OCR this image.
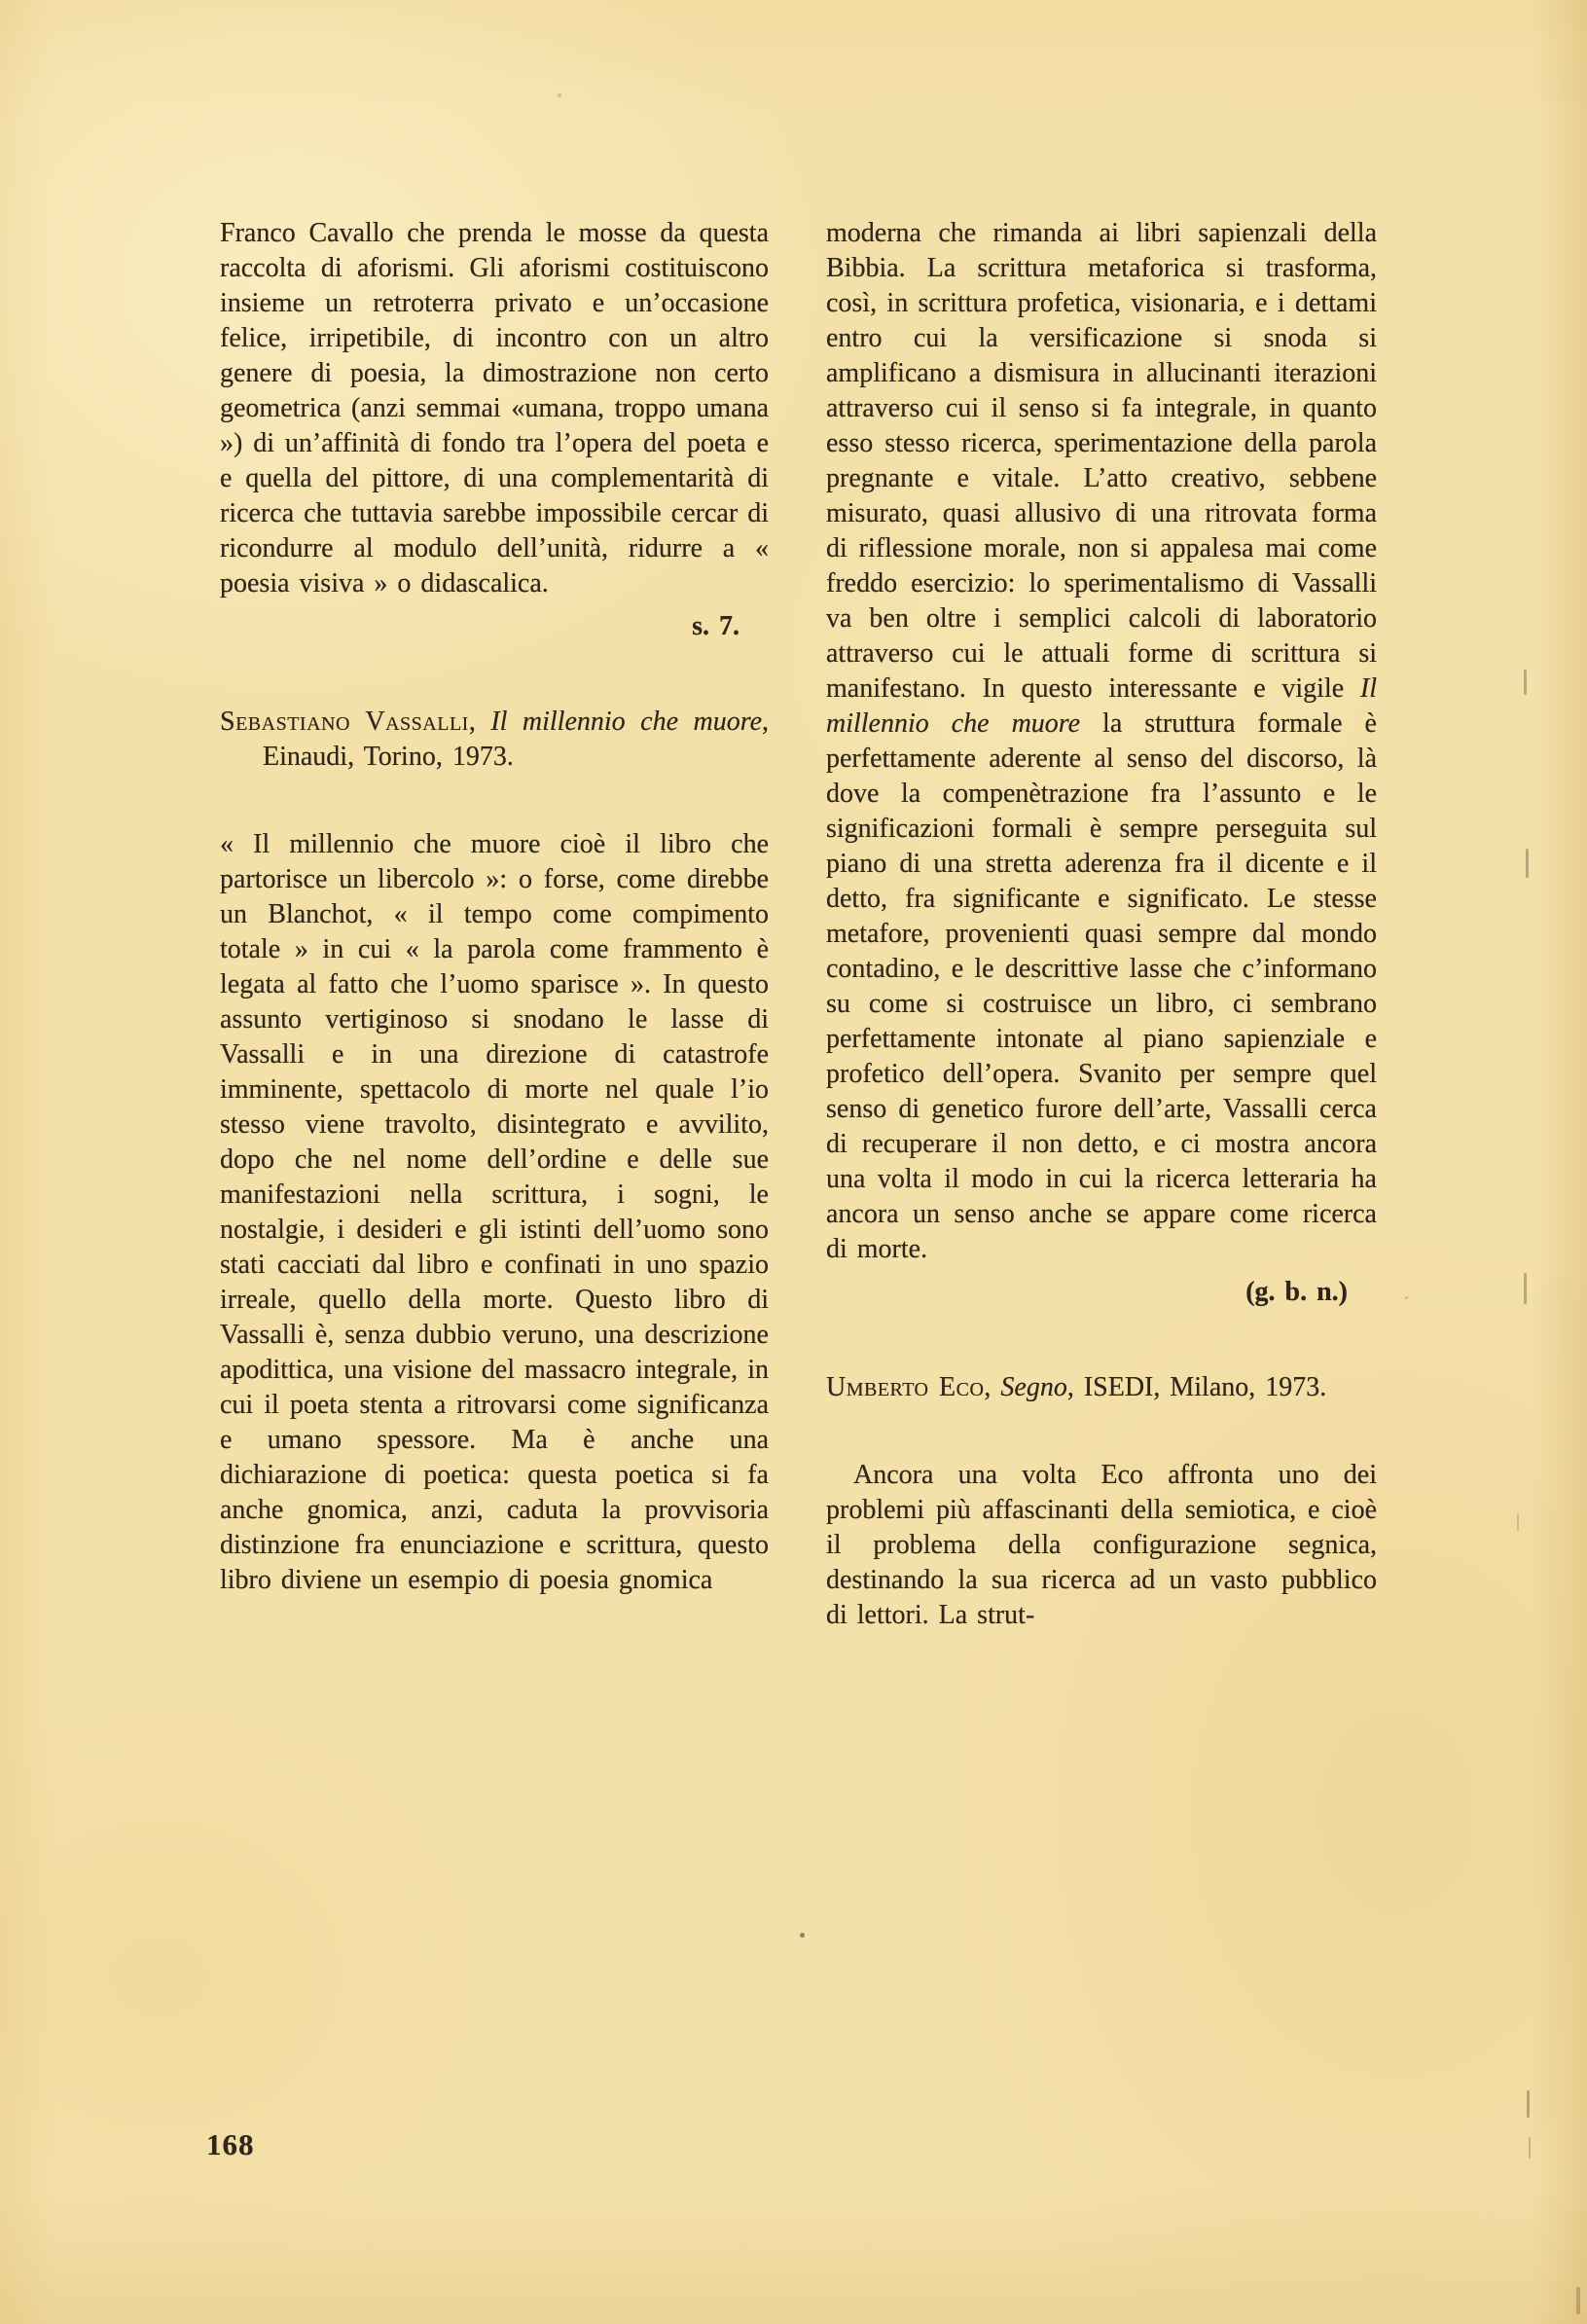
Franco Cavallo che prenda le mosse da questa raccolta di aforismi. Gli aforismi costituiscono insieme un retroterra privato e un’occasione felice, irripetibile, di incontro con un altro genere di poesia, la dimostrazione non certo geometrica (anzi semmai «umana, troppo umana ») di un’affinità di fondo tra l’opera del poeta e e quella del pittore, di una complementarità di ricerca che tuttavia sarebbe impossibile cercar di ricondurre al modulo dell’unità, ridurre a « poesia visiva » o didascalica.

s. 7.

Sebastiano Vassalli, Il millennio che muore, Einaudi, Torino, 1973.

« Il millennio che muore cioè il libro che partorisce un libercolo »: o forse, come direbbe un Blanchot, « il tempo come compimento totale » in cui « la parola come frammento è legata al fatto che l’uomo sparisce ». In questo assunto vertiginoso si snodano le lasse di Vassalli e in una direzione di catastrofe imminente, spettacolo di morte nel quale l’io stesso viene travolto, disintegrato e avvilito, dopo che nel nome dell’ordine e delle sue manifestazioni nella scrittura, i sogni, le nostalgie, i desideri e gli istinti dell’uomo sono stati cacciati dal libro e confinati in uno spazio irreale, quello della morte. Questo libro di Vassalli è, senza dubbio veruno, una descrizione apodittica, una visione del massacro integrale, in cui il poeta stenta a ritrovarsi come significanza e umano spessore. Ma è anche una dichiarazione di poetica: questa poetica si fa anche gnomica, anzi, caduta la provvisoria distinzione fra enunciazione e scrittura, questo libro diviene un esempio di poesia gnomica

moderna che rimanda ai libri sapienzali della Bibbia. La scrittura metaforica si trasforma, così, in scrittura profetica, visionaria, e i dettami entro cui la versificazione si snoda si amplificano a dismisura in allucinanti iterazioni attraverso cui il senso si fa integrale, in quanto esso stesso ricerca, sperimentazione della parola pregnante e vitale. L’atto creativo, sebbene misurato, quasi allusivo di una ritrovata forma di riflessione morale, non si appalesa mai come freddo esercizio: lo sperimentalismo di Vassalli va ben oltre i semplici calcoli di laboratorio attraverso cui le attuali forme di scrittura si manifestano. In questo interessante e vigile Il millennio che muore la struttura formale è perfettamente aderente al senso del discorso, là dove la compenètrazione fra l’assunto e le significazioni formali è sempre perseguita sul piano di una stretta aderenza fra il dicente e il detto, fra significante e significato. Le stesse metafore, provenienti quasi sempre dal mondo contadino, e le descrittive lasse che c’informano su come si costruisce un libro, ci sembrano perfettamente intonate al piano sapienziale e profetico dell’opera. Svanito per sempre quel senso di genetico furore dell’arte, Vassalli cerca di recuperare il non detto, e ci mostra ancora una volta il modo in cui la ricerca letteraria ha ancora un senso anche se appare come ricerca di morte.

(g. b. n.)

Umberto Eco, Segno, ISEDI, Milano, 1973.

Ancora una volta Eco affronta uno dei problemi più affascinanti della semiotica, e cioè il problema della configurazione segnica, destinando la sua ricerca ad un vasto pubblico di lettori. La strut-

168
